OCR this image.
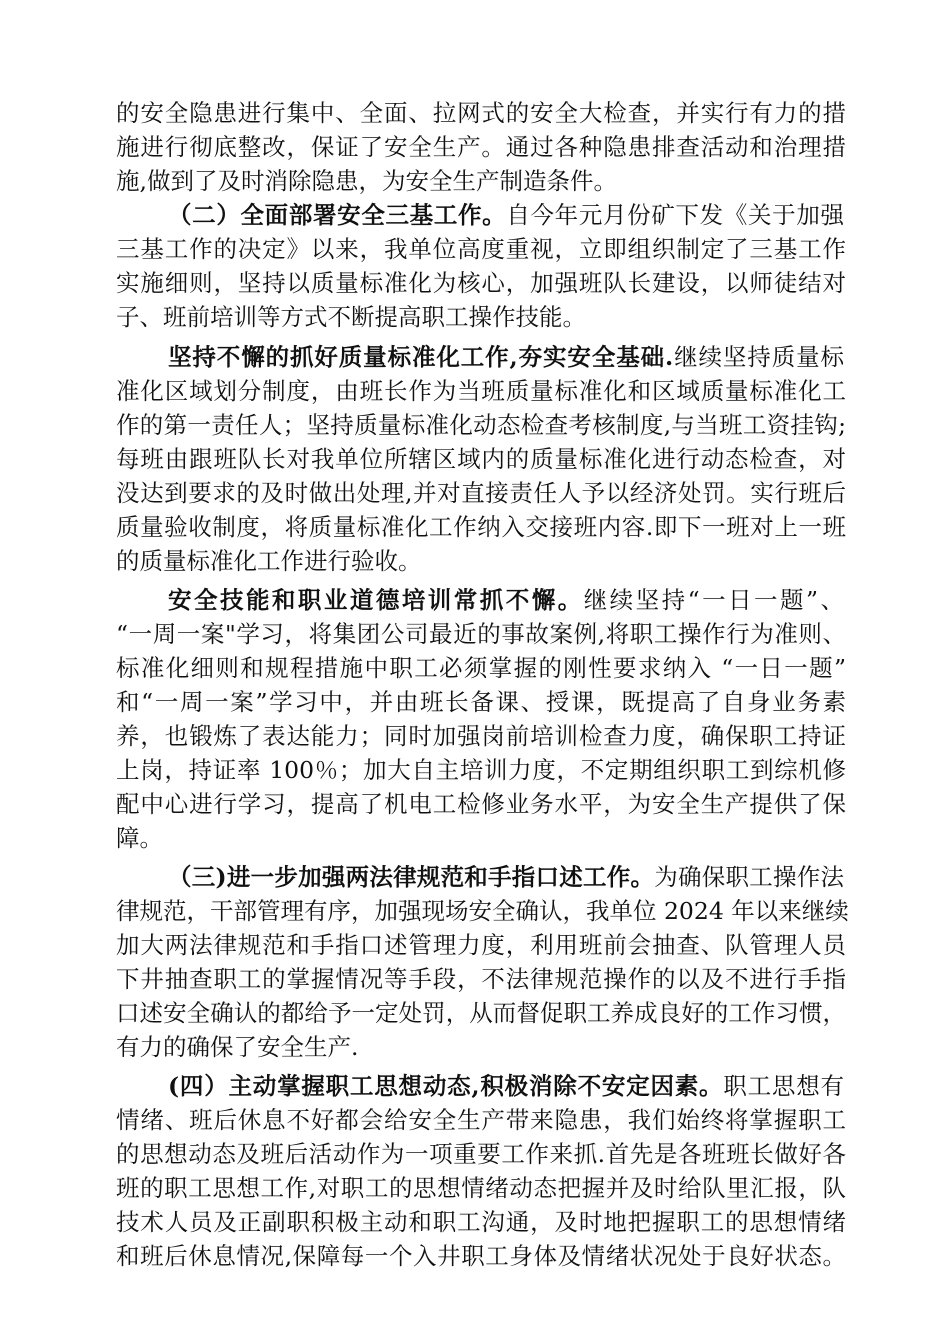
的安全隐患进行集中、全面、拉网式的安全大检查，并实行有力的措
施进行彻底整改，保证了安全生产。通过各种隐患排查活动和治理措
施,做到了及时消除隐患，为安全生产制造条件。
（二）全面部署安全三基工作。自今年元月份矿下发《关于加强
三基工作的决定》以来，我单位高度重视，立即组织制定了三基工作
实施细则，坚持以质量标准化为核心，加强班队长建设，以师徒结对
子、班前培训等方式不断提高职工操作技能。
坚持不懈的抓好质量标准化工作,夯实安全基础.继续坚持质量标
准化区域划分制度，由班长作为当班质量标准化和区域质量标准化工
作的第一责任人；坚持质量标准化动态检查考核制度,与当班工资挂钩;
每班由跟班队长对我单位所辖区域内的质量标准化进行动态检查，对
没达到要求的及时做出处理,并对直接责任人予以经济处罚。实行班后
质量验收制度，将质量标准化工作纳入交接班内容.即下一班对上一班
的质量标准化工作进行验收。
安全技能和职业道德培训常抓不懈。继续坚持“一日一题”、
“一周一案"学习，将集团公司最近的事故案例,将职工操作行为准则、
标准化细则和规程措施中职工必须掌握的刚性要求纳入 “一日一题”
和“一周一案”学习中，并由班长备课、授课，既提高了自身业务素
养，也锻炼了表达能力；同时加强岗前培训检查力度，确保职工持证
上岗，持证率 100％；加大自主培训力度，不定期组织职工到综机修
配中心进行学习，提高了机电工检修业务水平，为安全生产提供了保
障。
（三)进一步加强两法律规范和手指口述工作。为确保职工操作法
律规范，干部管理有序，加强现场安全确认，我单位 2024 年以来继续
加大两法律规范和手指口述管理力度，利用班前会抽查、队管理人员
下井抽查职工的掌握情况等手段，不法律规范操作的以及不进行手指
口述安全确认的都给予一定处罚，从而督促职工养成良好的工作习惯，
有力的确保了安全生产.
(四）主动掌握职工思想动态,积极消除不安定因素。职工思想有
情绪、班后休息不好都会给安全生产带来隐患，我们始终将掌握职工
的思想动态及班后活动作为一项重要工作来抓.首先是各班班长做好各
班的职工思想工作,对职工的思想情绪动态把握并及时给队里汇报，队
技术人员及正副职积极主动和职工沟通，及时地把握职工的思想情绪
和班后休息情况,保障每一个入井职工身体及情绪状况处于良好状态。
